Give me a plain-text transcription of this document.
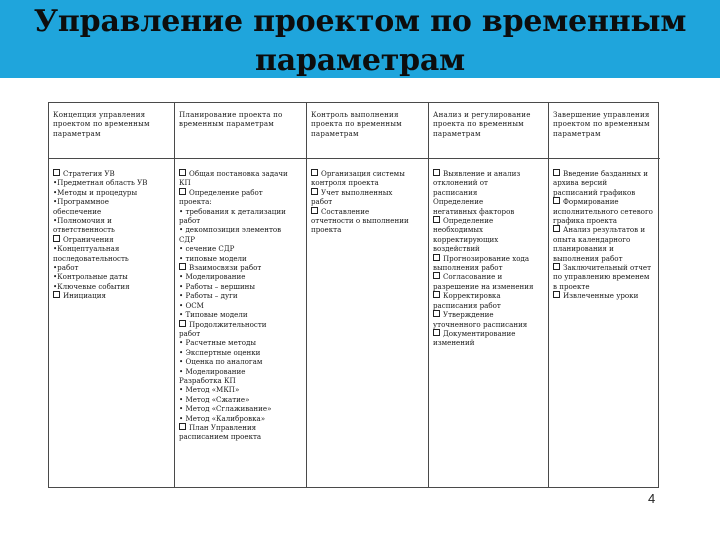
Управление проектом по временным параметрам
Концепция управления проектом по временным параметрам
Планирование проекта по временным параметрам
Контроль выполнения проекта по временным параметрам
Анализ и регулирование проекта по временным параметрам
Завершение управления проектом по временным параметрам
Стратегия УВ
•Предметная область УВ
•Методы и процедуры
•Программное
обеспечение
•Полномочия и
ответственность
Ограничения
•Концептуальная
последовательность
•работ
•Контрольные даты
•Ключевые события
Инициация
Общая постановка задачи
КП
Определение работ
проекта:
• требования к детализации
работ
• декомпозиция элементов
СДР
• сечение СДР
• типовые модели
Взаимосвязи работ
• Моделирование
• Работы – вершины
• Работы – дуги
• ОСМ
• Типовые модели
Продолжительности
работ
• Расчетные методы
• Экспертные оценки
• Оценка по аналогам
• Моделирование
Разработка КП
• Метод «МКП»
• Метод «Сжатие»
• Метод «Сглаживание»
• Метод «Калибровка»
План Управления
расписанием проекта
Организация системы
контроля проекта
Учет выполненных
работ
Составление
отчетности о выполнении
проекта
Выявление и анализ
отклонений от
расписания
Определение
негативных факторов
Определение
необходимых
корректирующих
воздействий
Прогнозирование хода
выполнения работ
Согласование и
разрешение на изменения
Корректировка
расписания работ
Утверждение
уточненного расписания
Документирование
изменений
Введение базданных и
архива версий
расписаний графиков
Формирование
исполнительного сетевого
графика проекта
Анализ результатов и
опыта календарного
планирования и
выполнения работ
Заключительный отчет
по управлению временем
в проекте
Извлеченные уроки
4
